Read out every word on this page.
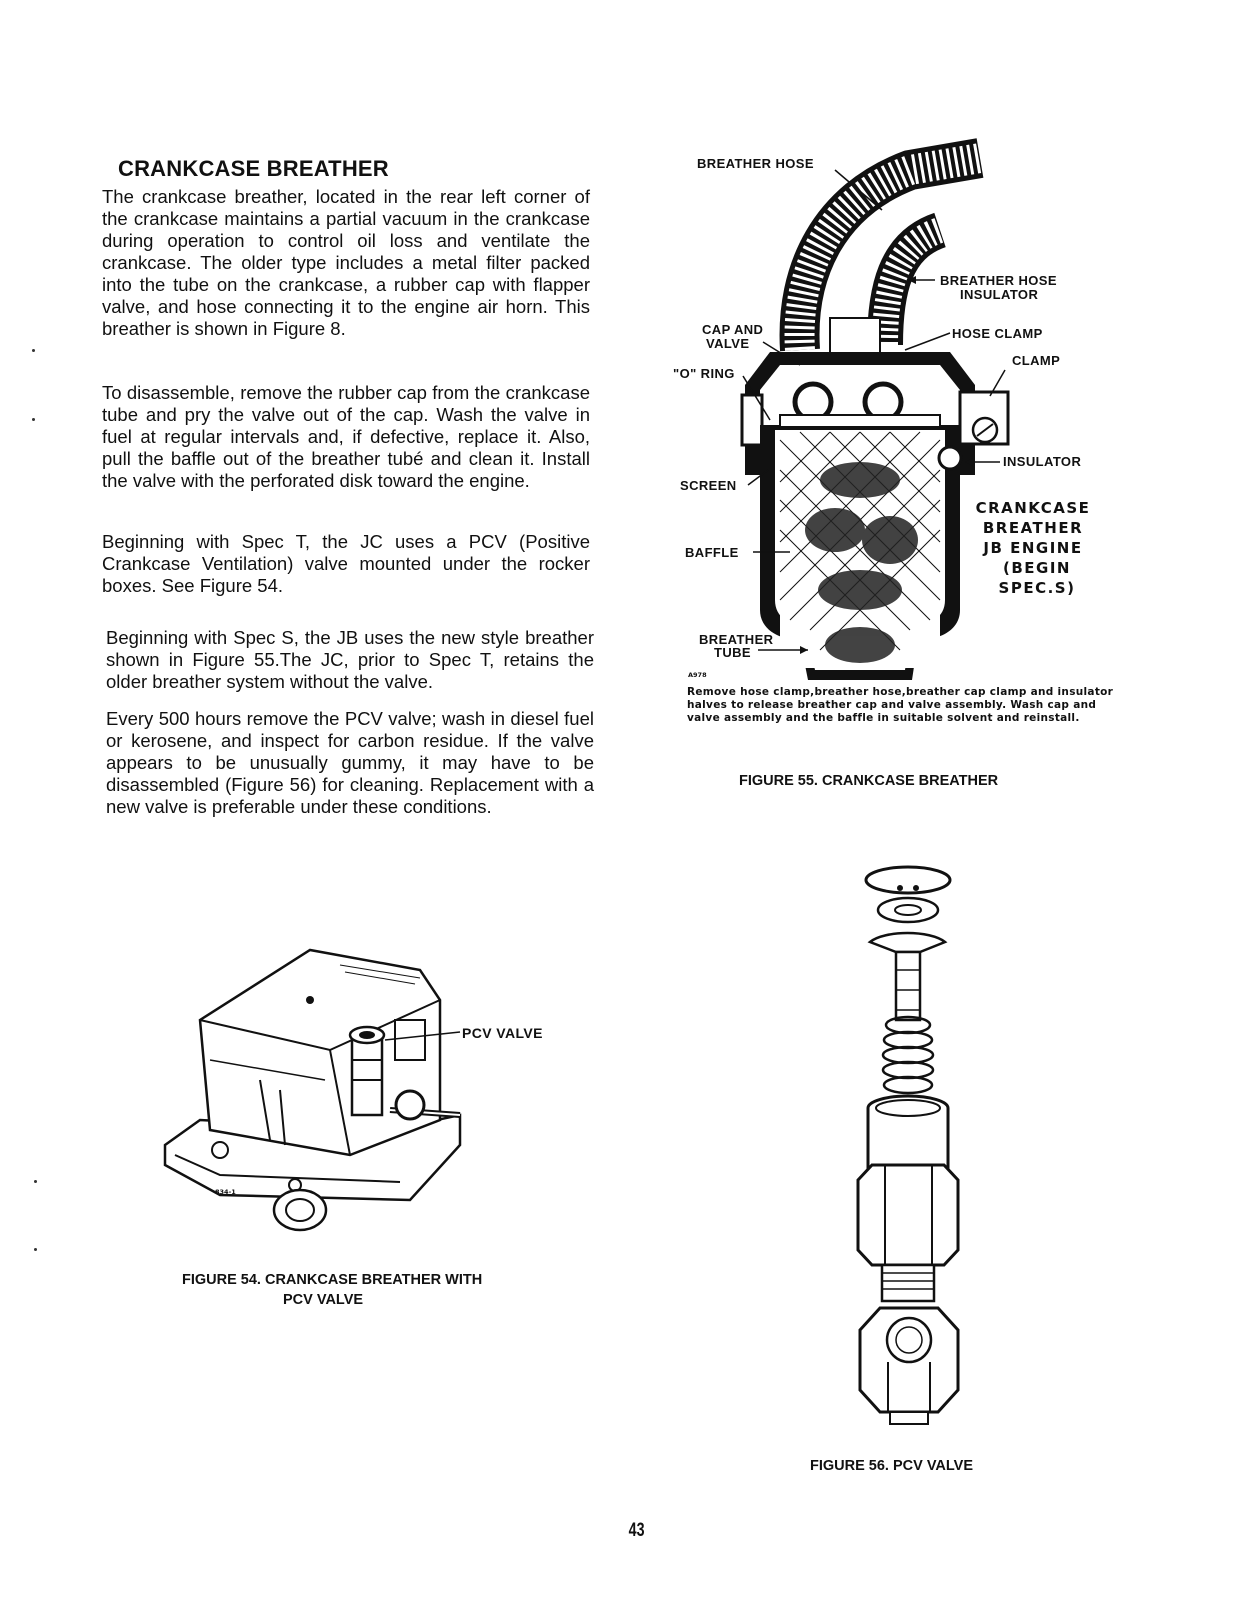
CRANKCASE BREATHER
The crankcase breather, located in the rear left corner of the crankcase maintains a partial vacuum in the crankcase during operation to control oil loss and ventilate the crankcase. The older type includes a metal filter packed into the tube on the crankcase, a rubber cap with flapper valve, and hose connecting it to the engine air horn. This breather is shown in Figure 8.
To disassemble, remove the rubber cap from the crankcase tube and pry the valve out of the cap. Wash the valve in fuel at regular intervals and, if defective, replace it. Also, pull the baffle out of the breather tubé and clean it. Install the valve with the perforated disk toward the engine.
Beginning with Spec T, the JC uses a PCV (Positive Crankcase Ventilation) valve mounted under the rocker boxes. See Figure 54.
Beginning with Spec S, the JB uses the new style breather shown in Figure 55.The JC, prior to Spec T, retains the older breather system without the valve.
Every 500 hours remove the PCV valve; wash in diesel fuel or kerosene, and inspect for carbon residue. If the valve appears to be unusually gummy, it may have to be disassembled (Figure 56) for cleaning. Replacement with a new valve is preferable under these conditions.
BREATHER HOSE
BREATHER HOSE
INSULATOR
CAP AND
VALVE
HOSE CLAMP
CLAMP
"O" RING
INSULATOR
SCREEN
BAFFLE
BREATHER
TUBE
A978
CRANKCASE
BREATHER
JB ENGINE
(BEGIN SPEC.S)
Remove hose clamp,breather hose,breather cap clamp and insulator halves to release breather cap and valve assembly. Wash cap and valve assembly and the baffle in suitable solvent and reinstall.
FIGURE 55. CRANKCASE BREATHER
PCV VALVE
834-1
FIGURE 54. CRANKCASE BREATHER WITH
PCV VALVE
FIGURE 56. PCV VALVE
43
